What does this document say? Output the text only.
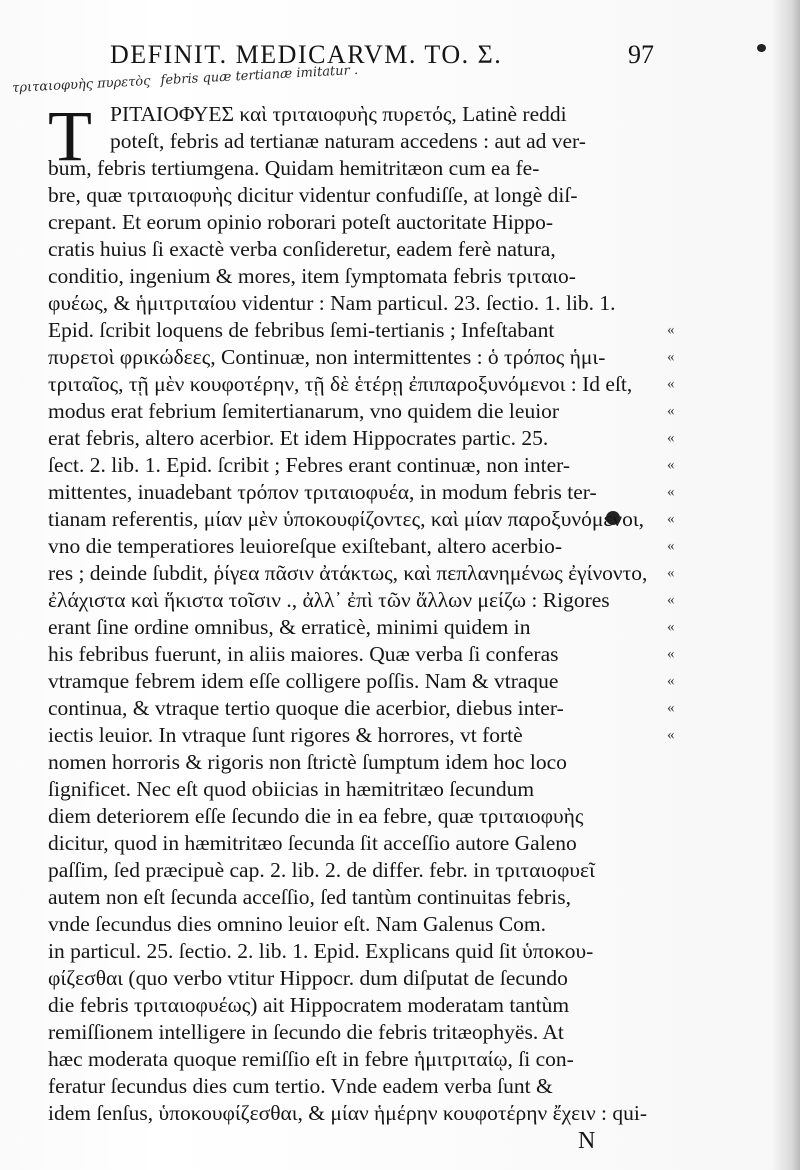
DEFINIT. MEDICARVM. TO. Σ.	97
τριταιοφυὴς πυρετὸς febris quæ tertianæ imitatur .
T ΡΙΤΑΙΟΦΥΕΣ καὶ τριταιοφυὴς πυρετός, Latinè reddi
poteſt, febris ad tertianæ naturam accedens : aut ad ver-
bum, febris tertiumgena. Quidam hemitritæon cum ea fe-
bre, quæ τριταιοφυὴς dicitur videntur confudiſſe, at longè diſ-
crepant. Et eorum opinio roborari poteſt auctoritate Hippo-
cratis huius ſi exactè verba conſideretur, eadem ferè natura,
conditio, ingenium & mores, item ſymptomata febris τριταιο-
φυέως, & ἡμιτριταίου videntur : Nam particul. 23. ſectio. 1. lib. 1.
Epid. ſcribit loquens de febribus ſemi-tertianis ; Infeſtabant
πυρετοὶ φρικώδεες, Continuæ, non intermittentes : ὁ τρόπος ἡμι-
τριταῖος, τῇ μὲν κουφοτέρην, τῇ δὲ ἑτέρῃ ἐπιπαροξυνόμενοι : Id eſt,
modus erat febrium ſemitertianarum, vno quidem die leuior
erat febris, altero acerbior. Et idem Hippocrates partic. 25.
ſect. 2. lib. 1. Epid. ſcribit ; Febres erant continuæ, non inter-
mittentes, inuadebant τρόπον τριταιοφυέα, in modum febris ter-
tianam referentis, μίαν μὲν ὑποκουφίζοντες, καὶ μίαν παροξυνόμενοι,
vno die temperatiores leuioreſque exiſtebant, altero acerbio-
res ; deinde ſubdit, ῥίγεα πᾶσιν ἀτάκτως, καὶ πεπλανημένως ἐγίνοντο,
ἐλάχιστα καὶ ἥκιστα τοῖσιν ., ἀλλ᾽ ἐπὶ τῶν ἄλλων μείζω : Rigores
erant ſine ordine omnibus, & erraticè, minimi quidem in
his febribus fuerunt, in aliis maiores. Quæ verba ſi conferas
vtramque febrem idem eſſe colligere poſſis. Nam & vtraque
continua, & vtraque tertio quoque die acerbior, diebus inter-
iectis leuior. In vtraque ſunt rigores & horrores, vt fortè
nomen horroris & rigoris non ſtrictè ſumptum idem hoc loco
ſignificet. Nec eſt quod obiicias in hæmitritæo ſecundum
diem deteriorem eſſe ſecundo die in ea febre, quæ τριταιοφυὴς
dicitur, quod in hæmitritæo ſecunda ſit acceſſio autore Galeno
paſſim, ſed præcipuè cap. 2. lib. 2. de differ. febr. in τριταιοφυεῖ
autem non eſt ſecunda acceſſio, ſed tantùm continuitas febris,
vnde ſecundus dies omnino leuior eſt. Nam Galenus Com.
in particul. 25. ſectio. 2. lib. 1. Epid. Explicans quid ſit ὑποκου-
φίζεσθαι (quo verbo vtitur Hippocr. dum diſputat de ſecundo
die febris τριταιοφυέως) ait Hippocratem moderatam tantùm
remiſſionem intelligere in ſecundo die febris tritæophyës. At
hæc moderata quoque remiſſio eſt in febre ἡμιτριταίῳ, ſi con-
feratur ſecundus dies cum tertio. Vnde eadem verba ſunt &
idem ſenſus, ὑποκουφίζεσθαι, & μίαν ἡμέρην κουφοτέρην ἔχειν : qui-
«
«
«
«
«
«
«
«
«
«
«
«
«
«
«
«
N
